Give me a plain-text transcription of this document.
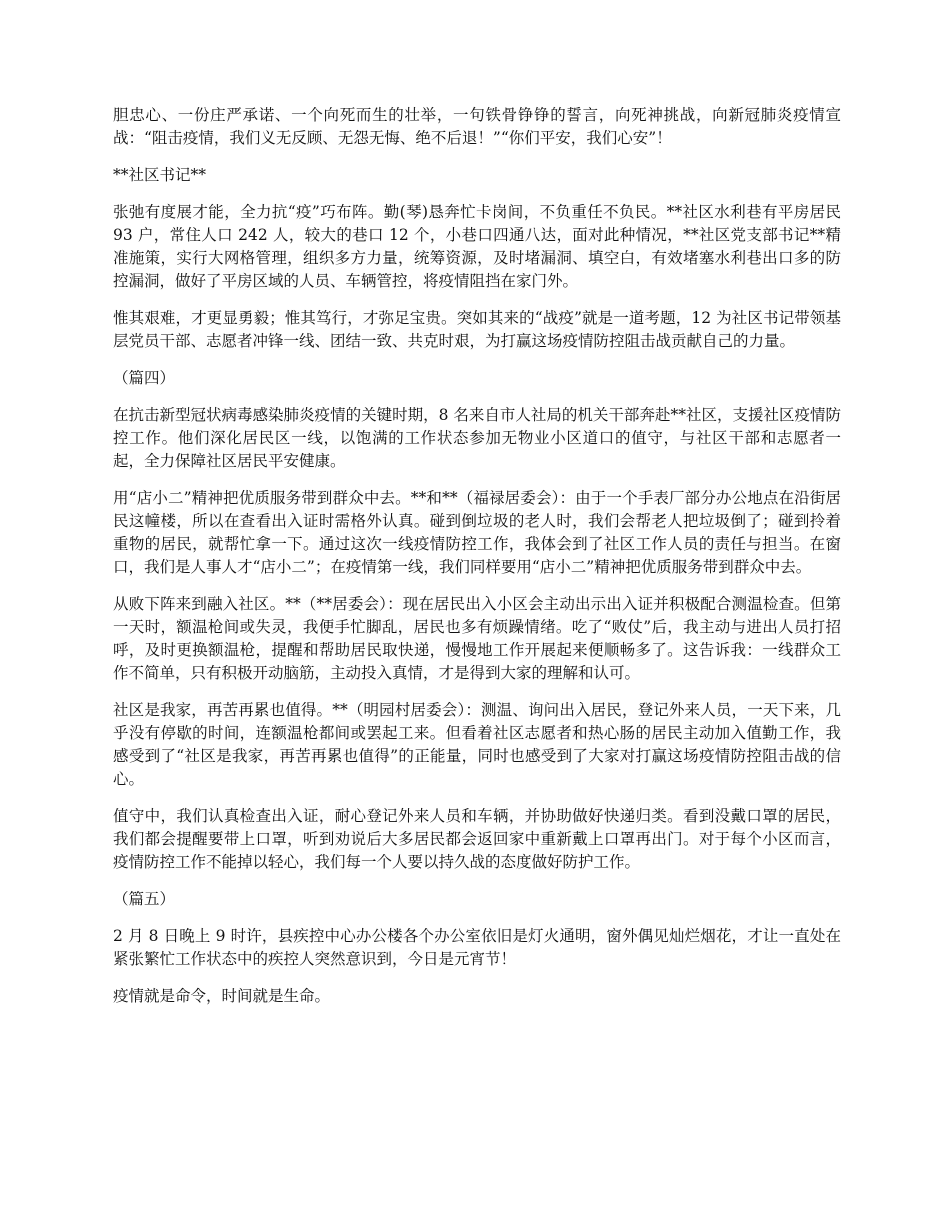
胆忠心、一份庄严承诺、一个向死而生的壮举，一句铁骨铮铮的誓言，向死神挑战，向新冠肺炎疫情宣战：“阻击疫情，我们义无反顾、无怨无悔、绝不后退！”“你们平安，我们心安”！

**社区书记**

张弛有度展才能，全力抗“疫”巧布阵。勤(琴)恳奔忙卡岗间，不负重任不负民。**社区水利巷有平房居民 93 户，常住人口 242 人，较大的巷口 12 个，小巷口四通八达，面对此种情况，**社区党支部书记**精准施策，实行大网格管理，组织多方力量，统筹资源，及时堵漏洞、填空白，有效堵塞水利巷出口多的防控漏洞，做好了平房区域的人员、车辆管控，将疫情阻挡在家门外。

惟其艰难，才更显勇毅；惟其笃行，才弥足宝贵。突如其来的“战疫”就是一道考题，12 为社区书记带领基层党员干部、志愿者冲锋一线、团结一致、共克时艰，为打赢这场疫情防控阻击战贡献自己的力量。

（篇四）

在抗击新型冠状病毒感染肺炎疫情的关键时期，8 名来自市人社局的机关干部奔赴**社区，支援社区疫情防控工作。他们深化居民区一线，以饱满的工作状态参加无物业小区道口的值守，与社区干部和志愿者一起，全力保障社区居民平安健康。

用“店小二”精神把优质服务带到群众中去。**和**（福禄居委会）：由于一个手表厂部分办公地点在沿街居民这幢楼，所以在查看出入证时需格外认真。碰到倒垃圾的老人时，我们会帮老人把垃圾倒了；碰到拎着重物的居民，就帮忙拿一下。通过这次一线疫情防控工作，我体会到了社区工作人员的责任与担当。在窗口，我们是人事人才“店小二”；在疫情第一线，我们同样要用“店小二”精神把优质服务带到群众中去。

从败下阵来到融入社区。**（**居委会）：现在居民出入小区会主动出示出入证并积极配合测温检查。但第一天时，额温枪间或失灵，我便手忙脚乱，居民也多有烦躁情绪。吃了“败仗”后，我主动与进出人员打招呼，及时更换额温枪，提醒和帮助居民取快递，慢慢地工作开展起来便顺畅多了。这告诉我：一线群众工作不简单，只有积极开动脑筋，主动投入真情，才是得到大家的理解和认可。

社区是我家，再苦再累也值得。**（明园村居委会）：测温、询问出入居民，登记外来人员，一天下来，几乎没有停歇的时间，连额温枪都间或罢起工来。但看着社区志愿者和热心肠的居民主动加入值勤工作，我感受到了“社区是我家，再苦再累也值得”的正能量，同时也感受到了大家对打赢这场疫情防控阻击战的信心。

值守中，我们认真检查出入证，耐心登记外来人员和车辆，并协助做好快递归类。看到没戴口罩的居民，我们都会提醒要带上口罩，听到劝说后大多居民都会返回家中重新戴上口罩再出门。对于每个小区而言，疫情防控工作不能掉以轻心，我们每一个人要以持久战的态度做好防护工作。

（篇五）

2 月 8 日晚上 9 时许，县疾控中心办公楼各个办公室依旧是灯火通明，窗外偶见灿烂烟花，才让一直处在紧张繁忙工作状态中的疾控人突然意识到，今日是元宵节！

疫情就是命令，时间就是生命。
